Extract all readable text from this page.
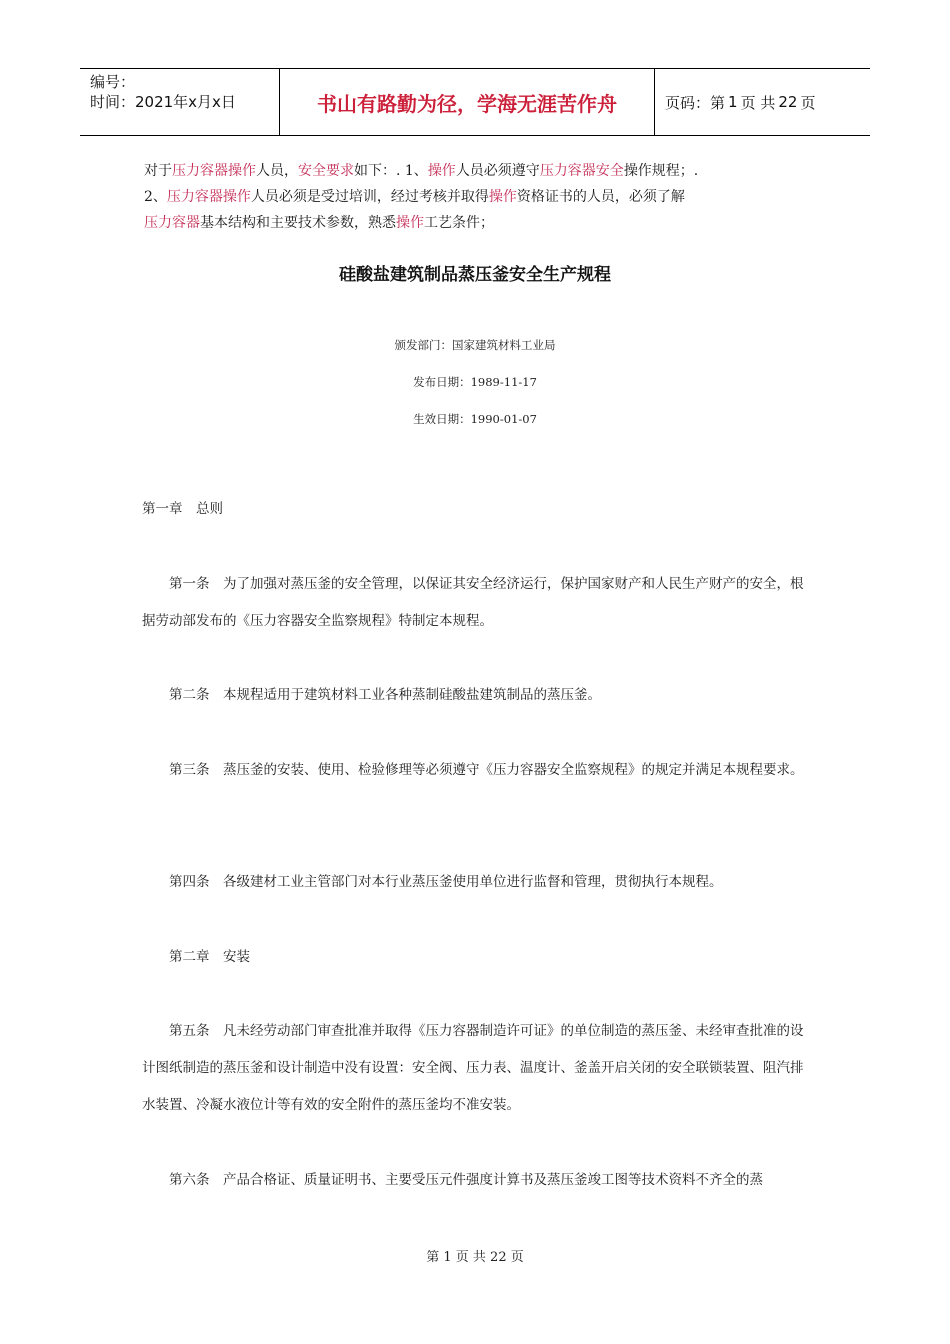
编号：
时间：2021年x月x日	书山有路勤为径，学海无涯苦作舟	页码：第 1 页 共 22 页
对于压力容器操作人员，安全要求如下：. 1、操作人员必须遵守压力容器安全操作规程；.
2、压力容器操作人员必须是受过培训，经过考核并取得操作资格证书的人员，必须了解
压力容器基本结构和主要技术参数，熟悉操作工艺条件；
硅酸盐建筑制品蒸压釜安全生产规程
颁发部门：国家建筑材料工业局
发布日期：1989-11-17
生效日期：1990-01-07
第一章　总则
第一条　为了加强对蒸压釜的安全管理，以保证其安全经济运行，保护国家财产和人民生产财产的安全，根据劳动部发布的《压力容器安全监察规程》特制定本规程。
第二条　本规程适用于建筑材料工业各种蒸制硅酸盐建筑制品的蒸压釜。
第三条　蒸压釜的安装、使用、检验修理等必须遵守《压力容器安全监察规程》的规定并满足本规程要求。
第四条　各级建材工业主管部门对本行业蒸压釜使用单位进行监督和管理，贯彻执行本规程。
第二章　安装
第五条　凡未经劳动部门审查批准并取得《压力容器制造许可证》的单位制造的蒸压釜、未经审查批准的设计图纸制造的蒸压釜和设计制造中没有设置：安全阀、压力表、温度计、釜盖开启关闭的安全联锁装置、阻汽排水装置、冷凝水液位计等有效的安全附件的蒸压釜均不准安装。
第六条　产品合格证、质量证明书、主要受压元件强度计算书及蒸压釜竣工图等技术资料不齐全的蒸
第 1 页 共 22 页
